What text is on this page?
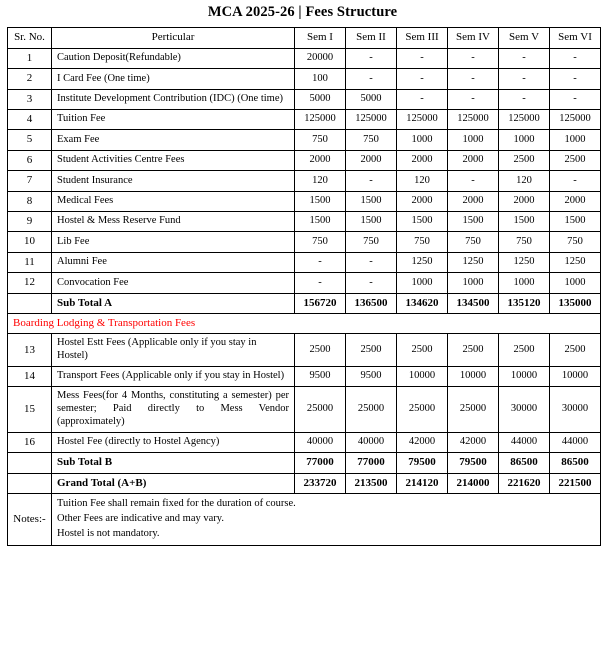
MCA 2025-26 | Fees Structure
Sr. No.	Perticular	Sem I	Sem II	Sem III	Sem IV	Sem V	Sem VI
1	Caution Deposit(Refundable)	20000	-	-	-	-	-
2	I Card Fee (One time)	100	-	-	-	-	-
3	Institute Development Contribution (IDC) (One time)	5000	5000	-	-	-	-
4	Tuition Fee	125000	125000	125000	125000	125000	125000
5	Exam Fee	750	750	1000	1000	1000	1000
6	Student Activities Centre Fees	2000	2000	2000	2000	2500	2500
7	Student Insurance	120	-	120	-	120	-
8	Medical Fees	1500	1500	2000	2000	2000	2000
9	Hostel & Mess Reserve Fund	1500	1500	1500	1500	1500	1500
10	Lib Fee	750	750	750	750	750	750
11	Alumni Fee	-	-	1250	1250	1250	1250
12	Convocation Fee	-	-	1000	1000	1000	1000
	Sub Total A	156720	136500	134620	134500	135120	135000
Boarding Lodging & Transportation Fees							
13	Hostel Estt Fees (Applicable only if you stay in Hostel)	2500	2500	2500	2500	2500	2500
14	Transport Fees (Applicable only if you stay in Hostel)	9500	9500	10000	10000	10000	10000
15	Mess Fees(for 4 Months, constituting a semester) per semester; Paid directly to Mess Vendor (approximately)	25000	25000	25000	25000	30000	30000
16	Hostel Fee (directly to Hostel Agency)	40000	40000	42000	42000	44000	44000
	Sub Total B	77000	77000	79500	79500	86500	86500
	Grand Total (A+B)	233720	213500	214120	214000	221620	221500
Notes:-	Tuition Fee shall remain fixed for the duration of course.
Other Fees are indicative and may vary.
Hostel is not mandatory.						
